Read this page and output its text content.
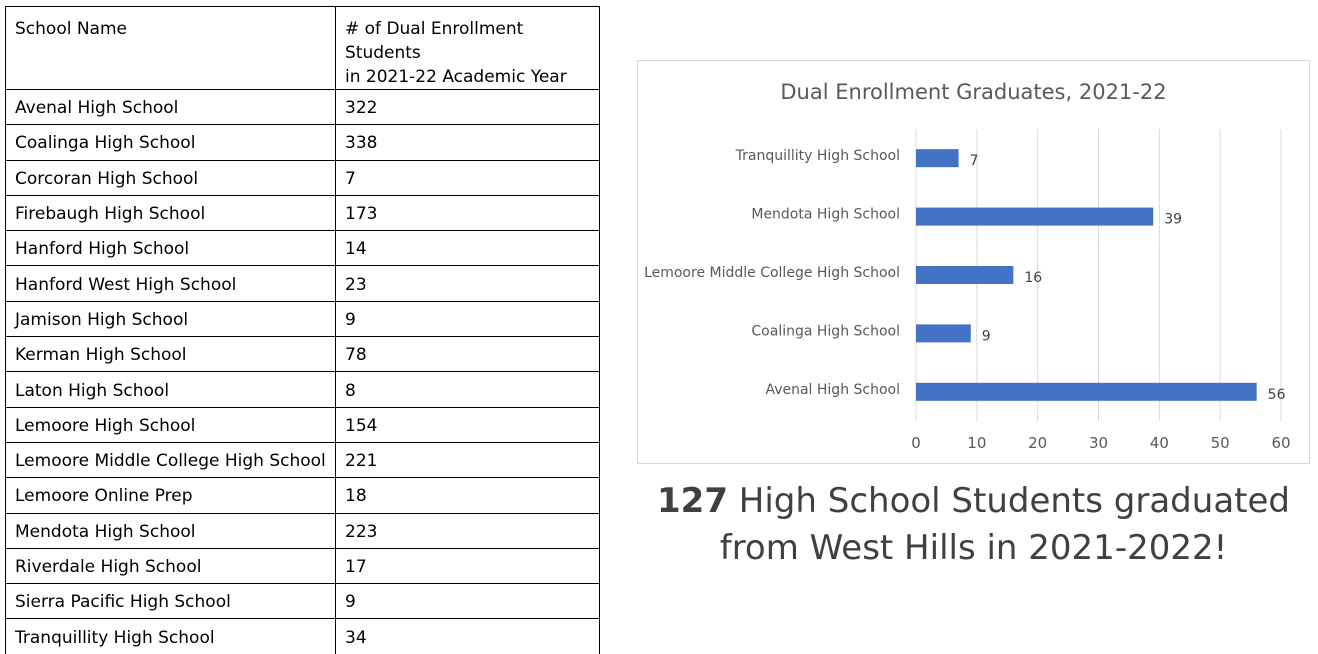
School Name	# of Dual Enrollment Students
in 2021-22 Academic Year
Avenal High School	322
Coalinga High School	338
Corcoran High School	7
Firebaugh High School	173
Hanford High School	14
Hanford West High School	23
Jamison High School	9
Kerman High School	78
Laton High School	8
Lemoore High School	154
Lemoore Middle College High School	221
Lemoore Online Prep	18
Mendota High School	223
Riverdale High School	17
Sierra Pacific High School	9
Tranquillity High School	34
Dual Enrollment Graduates, 2021-22
0	10	20	30	40	50	60
Tranquillity High School	7
Mendota High School	39
Lemoore Middle College High School	16
Coalinga High School	9
Avenal High School	56
127 High School Students graduated
from West Hills in 2021-2022!
